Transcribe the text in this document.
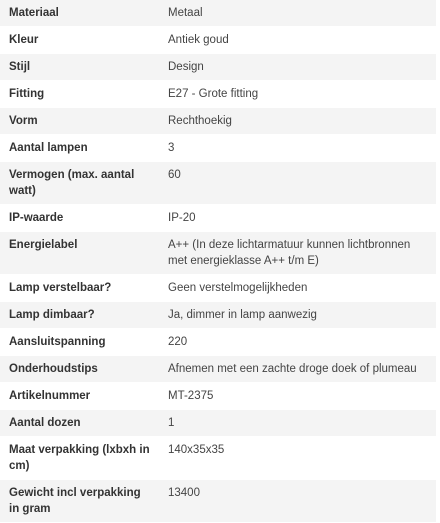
Materiaal	Metaal
Kleur	Antiek goud
Stijl	Design
Fitting	E27 - Grote fitting
Vorm	Rechthoekig
Aantal lampen	3
Vermogen (max. aantal watt)	60
IP-waarde	IP-20
Energielabel	A++ (In deze lichtarmatuur kunnen lichtbronnen met energieklasse A++ t/m E)
Lamp verstelbaar?	Geen verstelmogelijkheden
Lamp dimbaar?	Ja, dimmer in lamp aanwezig
Aansluitspanning	220
Onderhoudstips	Afnemen met een zachte droge doek of plumeau
Artikelnummer	MT-2375
Aantal dozen	1
Maat verpakking (lxbxh in cm)	140x35x35
Gewicht incl verpakking in gram	13400
